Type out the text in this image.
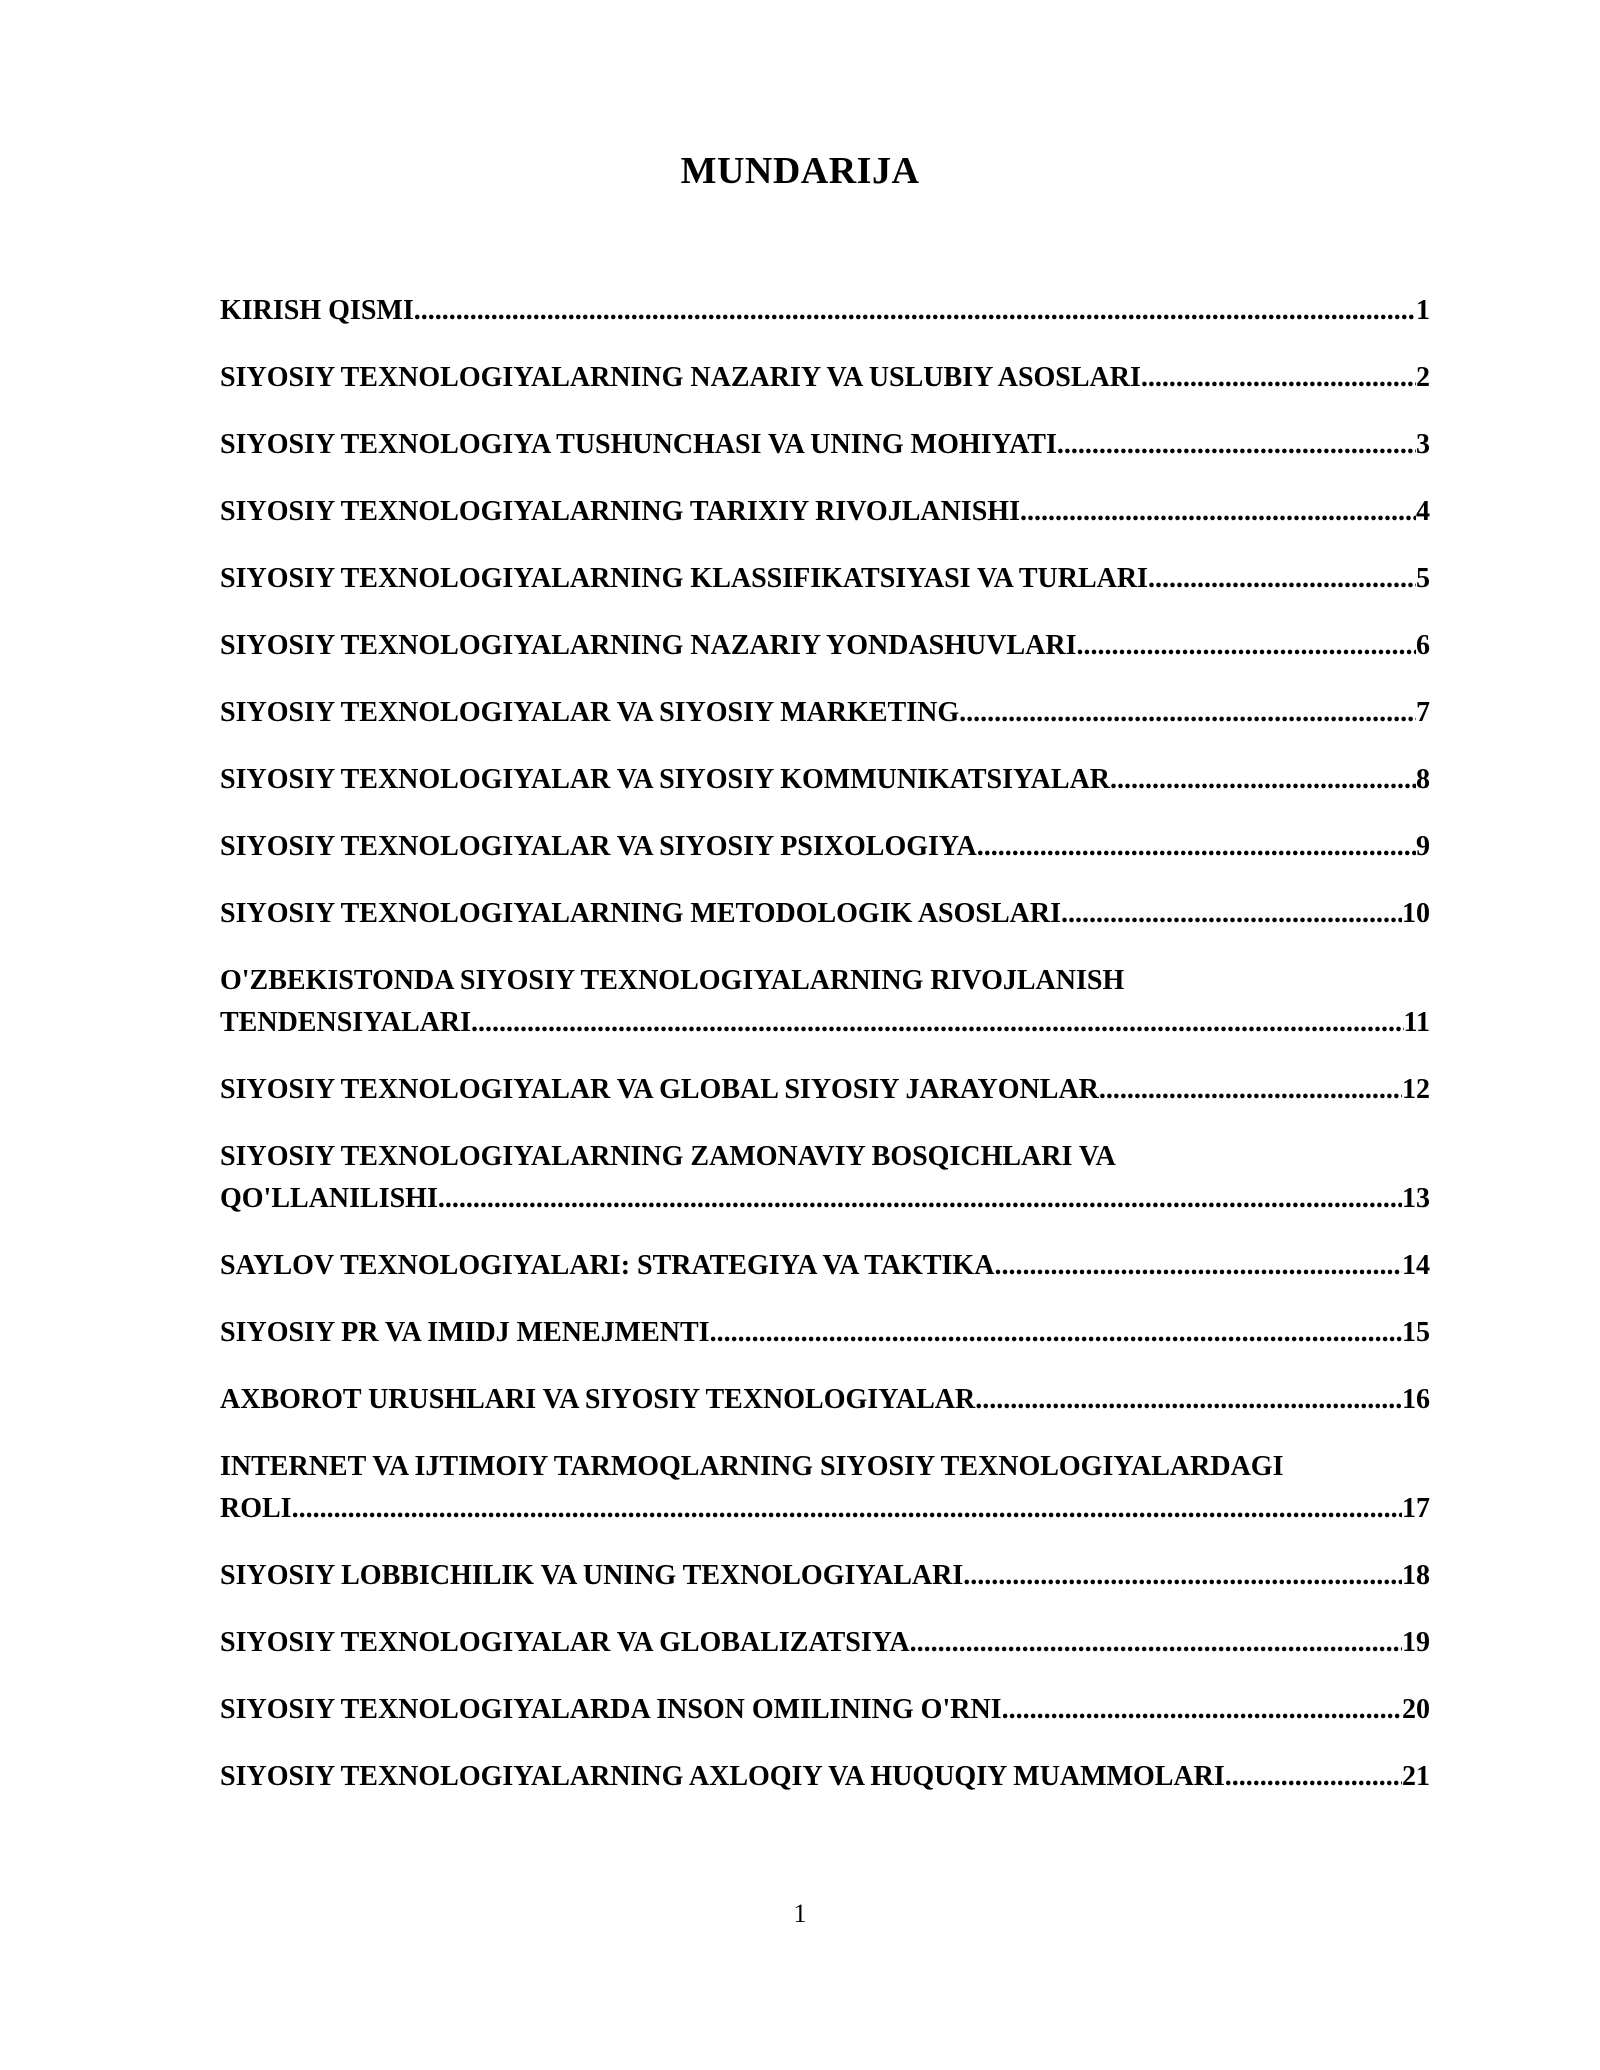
MUNDARIJA
KIRISH QISMI .....	1
SIYOSIY TEXNOLOGIYALARNING NAZARIY VA USLUBIY ASOSLARI .....	2
SIYOSIY TEXNOLOGIYA TUSHUNCHASI VA UNING MOHIYATI .....	3
SIYOSIY TEXNOLOGIYALARNING TARIXIY RIVOJLANISHI .....	4
SIYOSIY TEXNOLOGIYALARNING KLASSIFIKATSIYASI VA TURLARI .....	5
SIYOSIY TEXNOLOGIYALARNING NAZARIY YONDASHUVLARI .....	6
SIYOSIY TEXNOLOGIYALAR VA SIYOSIY MARKETING .....	7
SIYOSIY TEXNOLOGIYALAR VA SIYOSIY KOMMUNIKATSIYALAR .....	8
SIYOSIY TEXNOLOGIYALAR VA SIYOSIY PSIXOLOGIYA .....	9
SIYOSIY TEXNOLOGIYALARNING METODOLOGIK ASOSLARI .....	10
O'ZBEKISTONDA SIYOSIY TEXNOLOGIYALARNING RIVOJLANISH
TENDENSIYALARI .....	11
SIYOSIY TEXNOLOGIYALAR VA GLOBAL SIYOSIY JARAYONLAR .....	12
SIYOSIY TEXNOLOGIYALARNING ZAMONAVIY BOSQICHLARI VA
QO'LLANILISHI .....	13
SAYLOV TEXNOLOGIYALARI: STRATEGIYA VA TAKTIKA .....	14
SIYOSIY PR VA IMIDJ MENEJMENTI .....	15
AXBOROT URUSHLARI VA SIYOSIY TEXNOLOGIYALAR .....	16
INTERNET VA IJTIMOIY TARMOQLARNING SIYOSIY TEXNOLOGIYALARDAGI
ROLI .....	17
SIYOSIY LOBBICHILIK VA UNING TEXNOLOGIYALARI .....	18
SIYOSIY TEXNOLOGIYALAR VA GLOBALIZATSIYA .....	19
SIYOSIY TEXNOLOGIYALARDA INSON OMILINING O'RNI .....	20
SIYOSIY TEXNOLOGIYALARNING AXLOQIY VA HUQUQIY MUAMMOLARI .....	21
1
